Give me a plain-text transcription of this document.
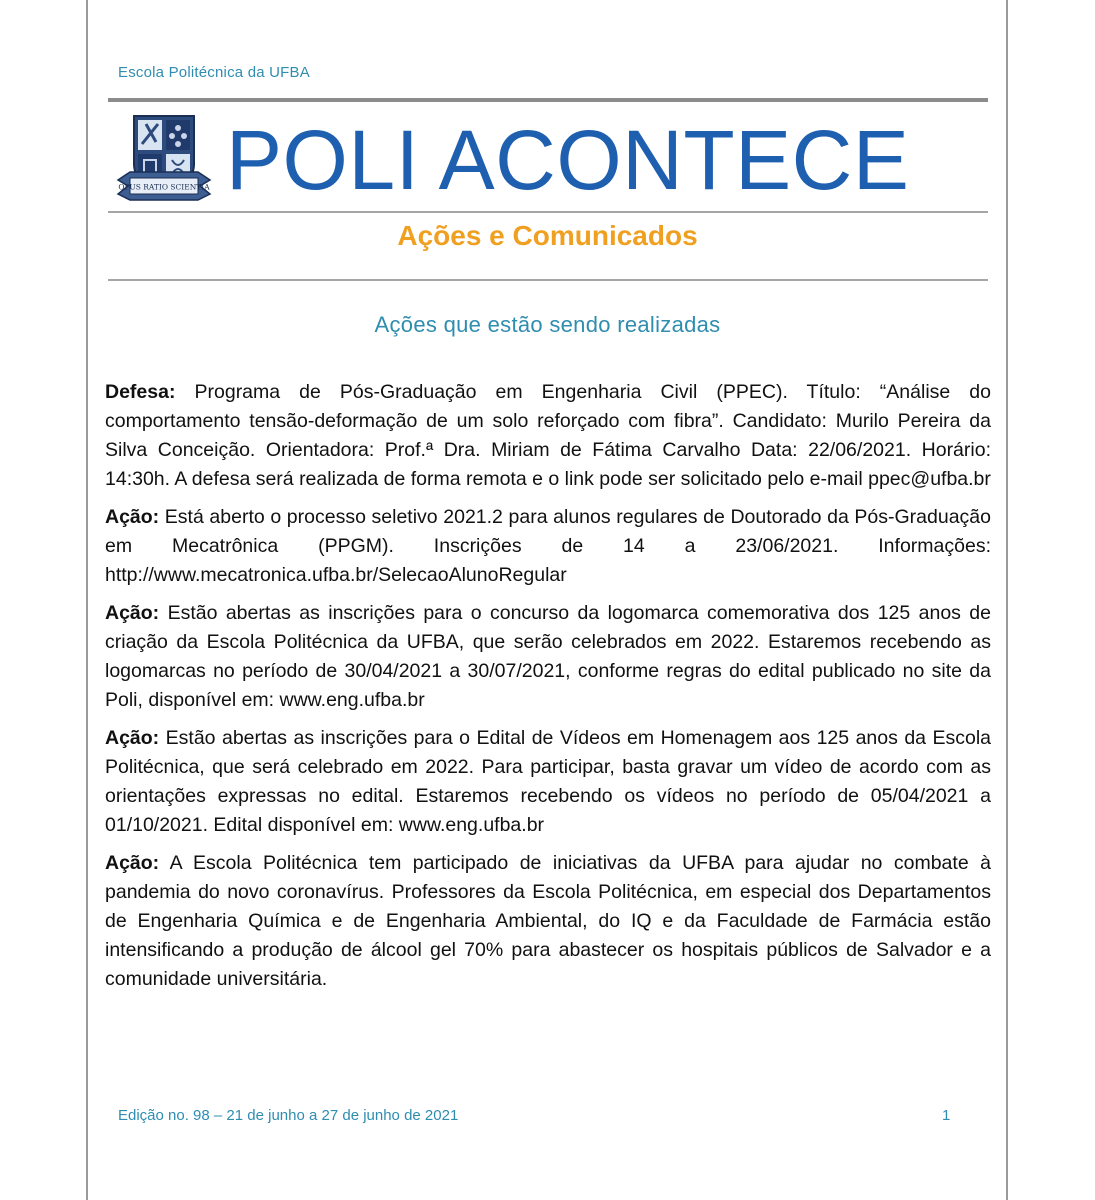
Escola Politécnica da UFBA
OPUS RATIO SCIENTIA POLI ACONTECE
Ações e Comunicados
Ações que estão sendo realizadas

Defesa: Programa de Pós-Graduação em Engenharia Civil (PPEC). Título: “Análise do comportamento tensão-deformação de um solo reforçado com fibra”. Candidato: Murilo Pereira da Silva Conceição. Orientadora: Prof.ª Dra. Miriam de Fátima Carvalho Data: 22/06/2021. Horário: 14:30h. A defesa será realizada de forma remota e o link pode ser solicitado pelo e-mail ppec@ufba.br

Ação: Está aberto o processo seletivo 2021.2 para alunos regulares de Doutorado da Pós-Graduação em Mecatrônica (PPGM). Inscrições de 14 a 23/06/2021. Informações: http://www.mecatronica.ufba.br/SelecaoAlunoRegular

Ação: Estão abertas as inscrições para o concurso da logomarca comemorativa dos 125 anos de criação da Escola Politécnica da UFBA, que serão celebrados em 2022. Estaremos recebendo as logomarcas no período de 30/04/2021 a 30/07/2021, conforme regras do edital publicado no site da Poli, disponível em: www.eng.ufba.br

Ação: Estão abertas as inscrições para o Edital de Vídeos em Homenagem aos 125 anos da Escola Politécnica, que será celebrado em 2022. Para participar, basta gravar um vídeo de acordo com as orientações expressas no edital. Estaremos recebendo os vídeos no período de 05/04/2021 a 01/10/2021. Edital disponível em: www.eng.ufba.br

Ação: A Escola Politécnica tem participado de iniciativas da UFBA para ajudar no combate à pandemia do novo coronavírus. Professores da Escola Politécnica, em especial dos Departamentos de Engenharia Química e de Engenharia Ambiental, do IQ e da Faculdade de Farmácia estão intensificando a produção de álcool gel 70% para abastecer os hospitais públicos de Salvador e a comunidade universitária.

Edição no. 98 – 21 de junho a 27 de junho de 2021	1
